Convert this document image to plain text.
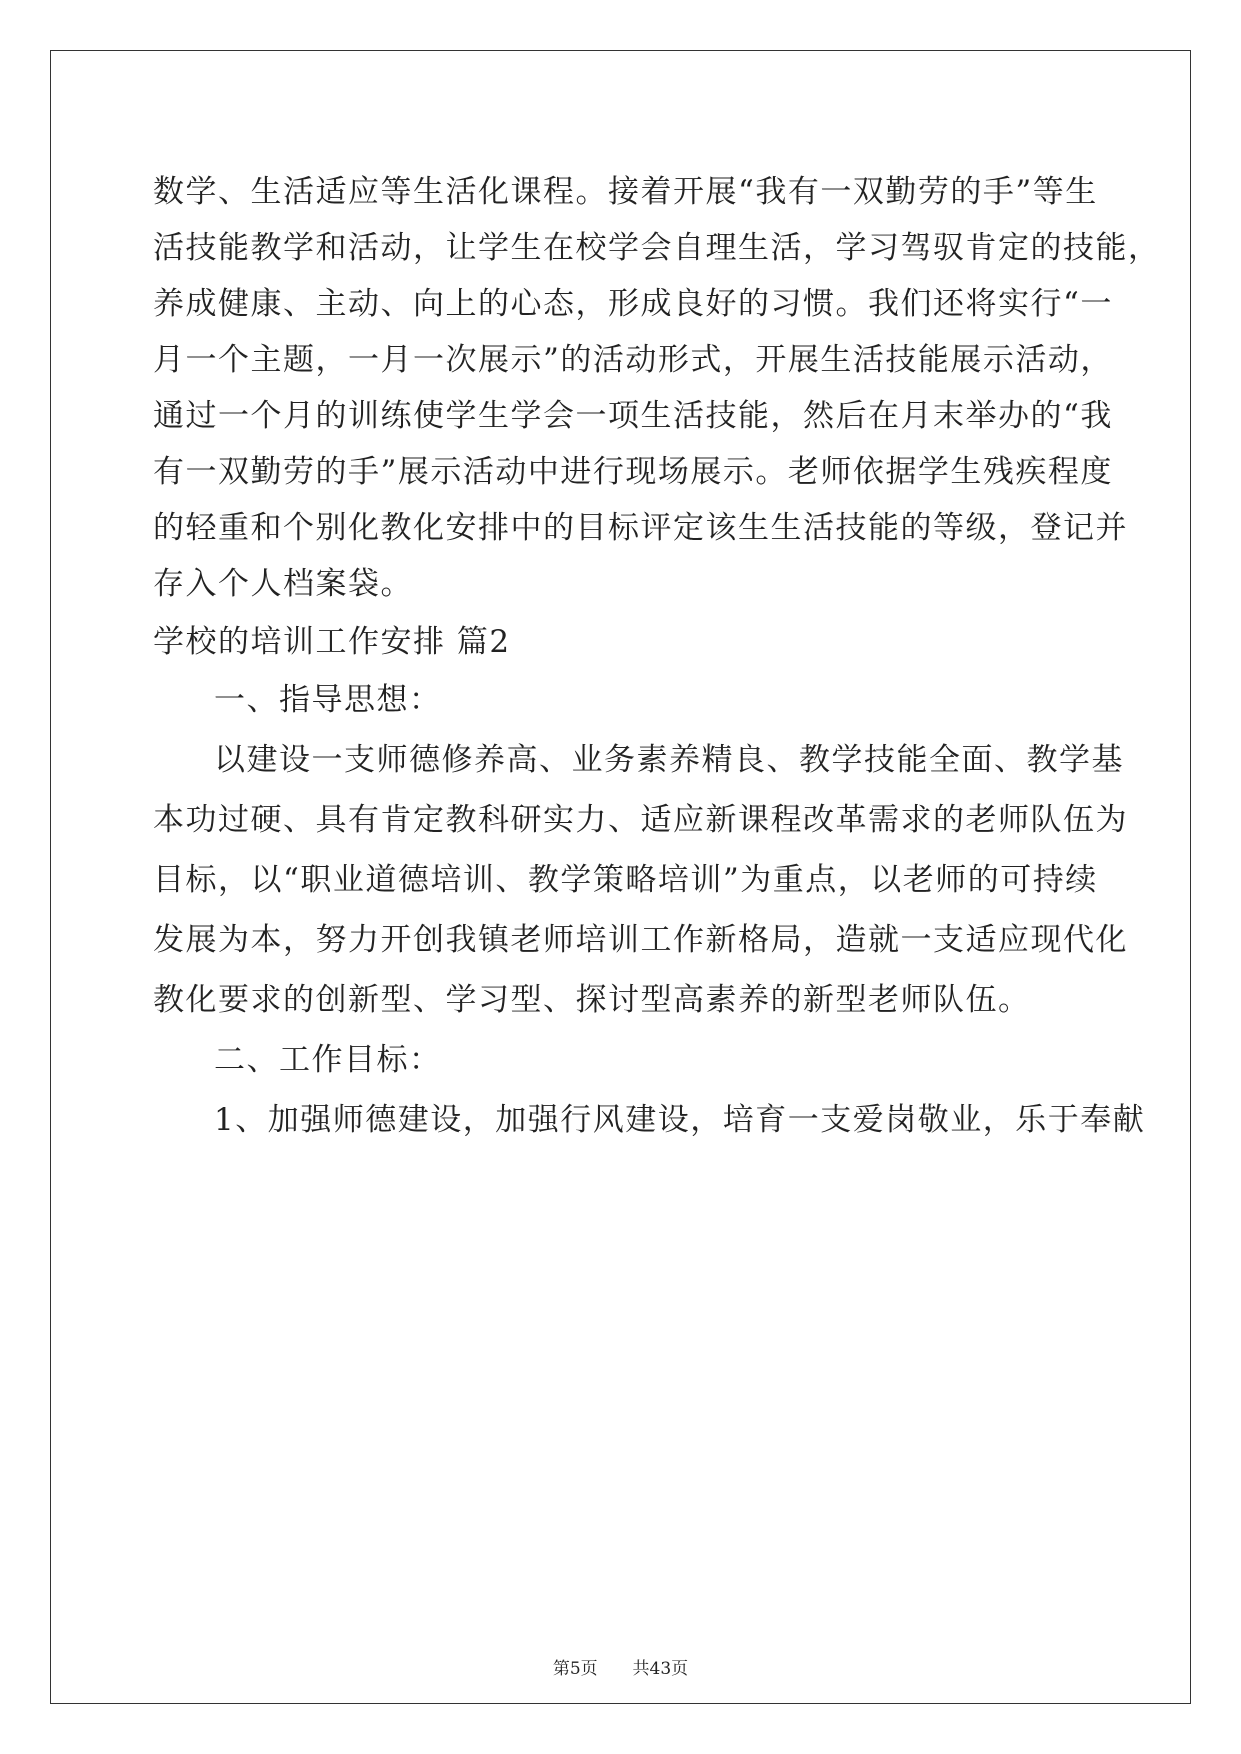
数学、生活适应等生活化课程。接着开展“我有一双勤劳的手”等生
活技能教学和活动，让学生在校学会自理生活，学习驾驭肯定的技能，
养成健康、主动、向上的心态，形成良好的习惯。我们还将实行“一
月一个主题，一月一次展示”的活动形式，开展生活技能展示活动，
通过一个月的训练使学生学会一项生活技能，然后在月末举办的“我
有一双勤劳的手”展示活动中进行现场展示。老师依据学生残疾程度
的轻重和个别化教化安排中的目标评定该生生活技能的等级，登记并
存入个人档案袋。
学校的培训工作安排 篇2
一、指导思想：
以建设一支师德修养高、业务素养精良、教学技能全面、教学基
本功过硬、具有肯定教科研实力、适应新课程改革需求的老师队伍为
目标，以“职业道德培训、教学策略培训”为重点，以老师的可持续
发展为本，努力开创我镇老师培训工作新格局，造就一支适应现代化
教化要求的创新型、学习型、探讨型高素养的新型老师队伍。
二、工作目标：
1、加强师德建设，加强行风建设，培育一支爱岗敬业，乐于奉献
第5页 共43页
